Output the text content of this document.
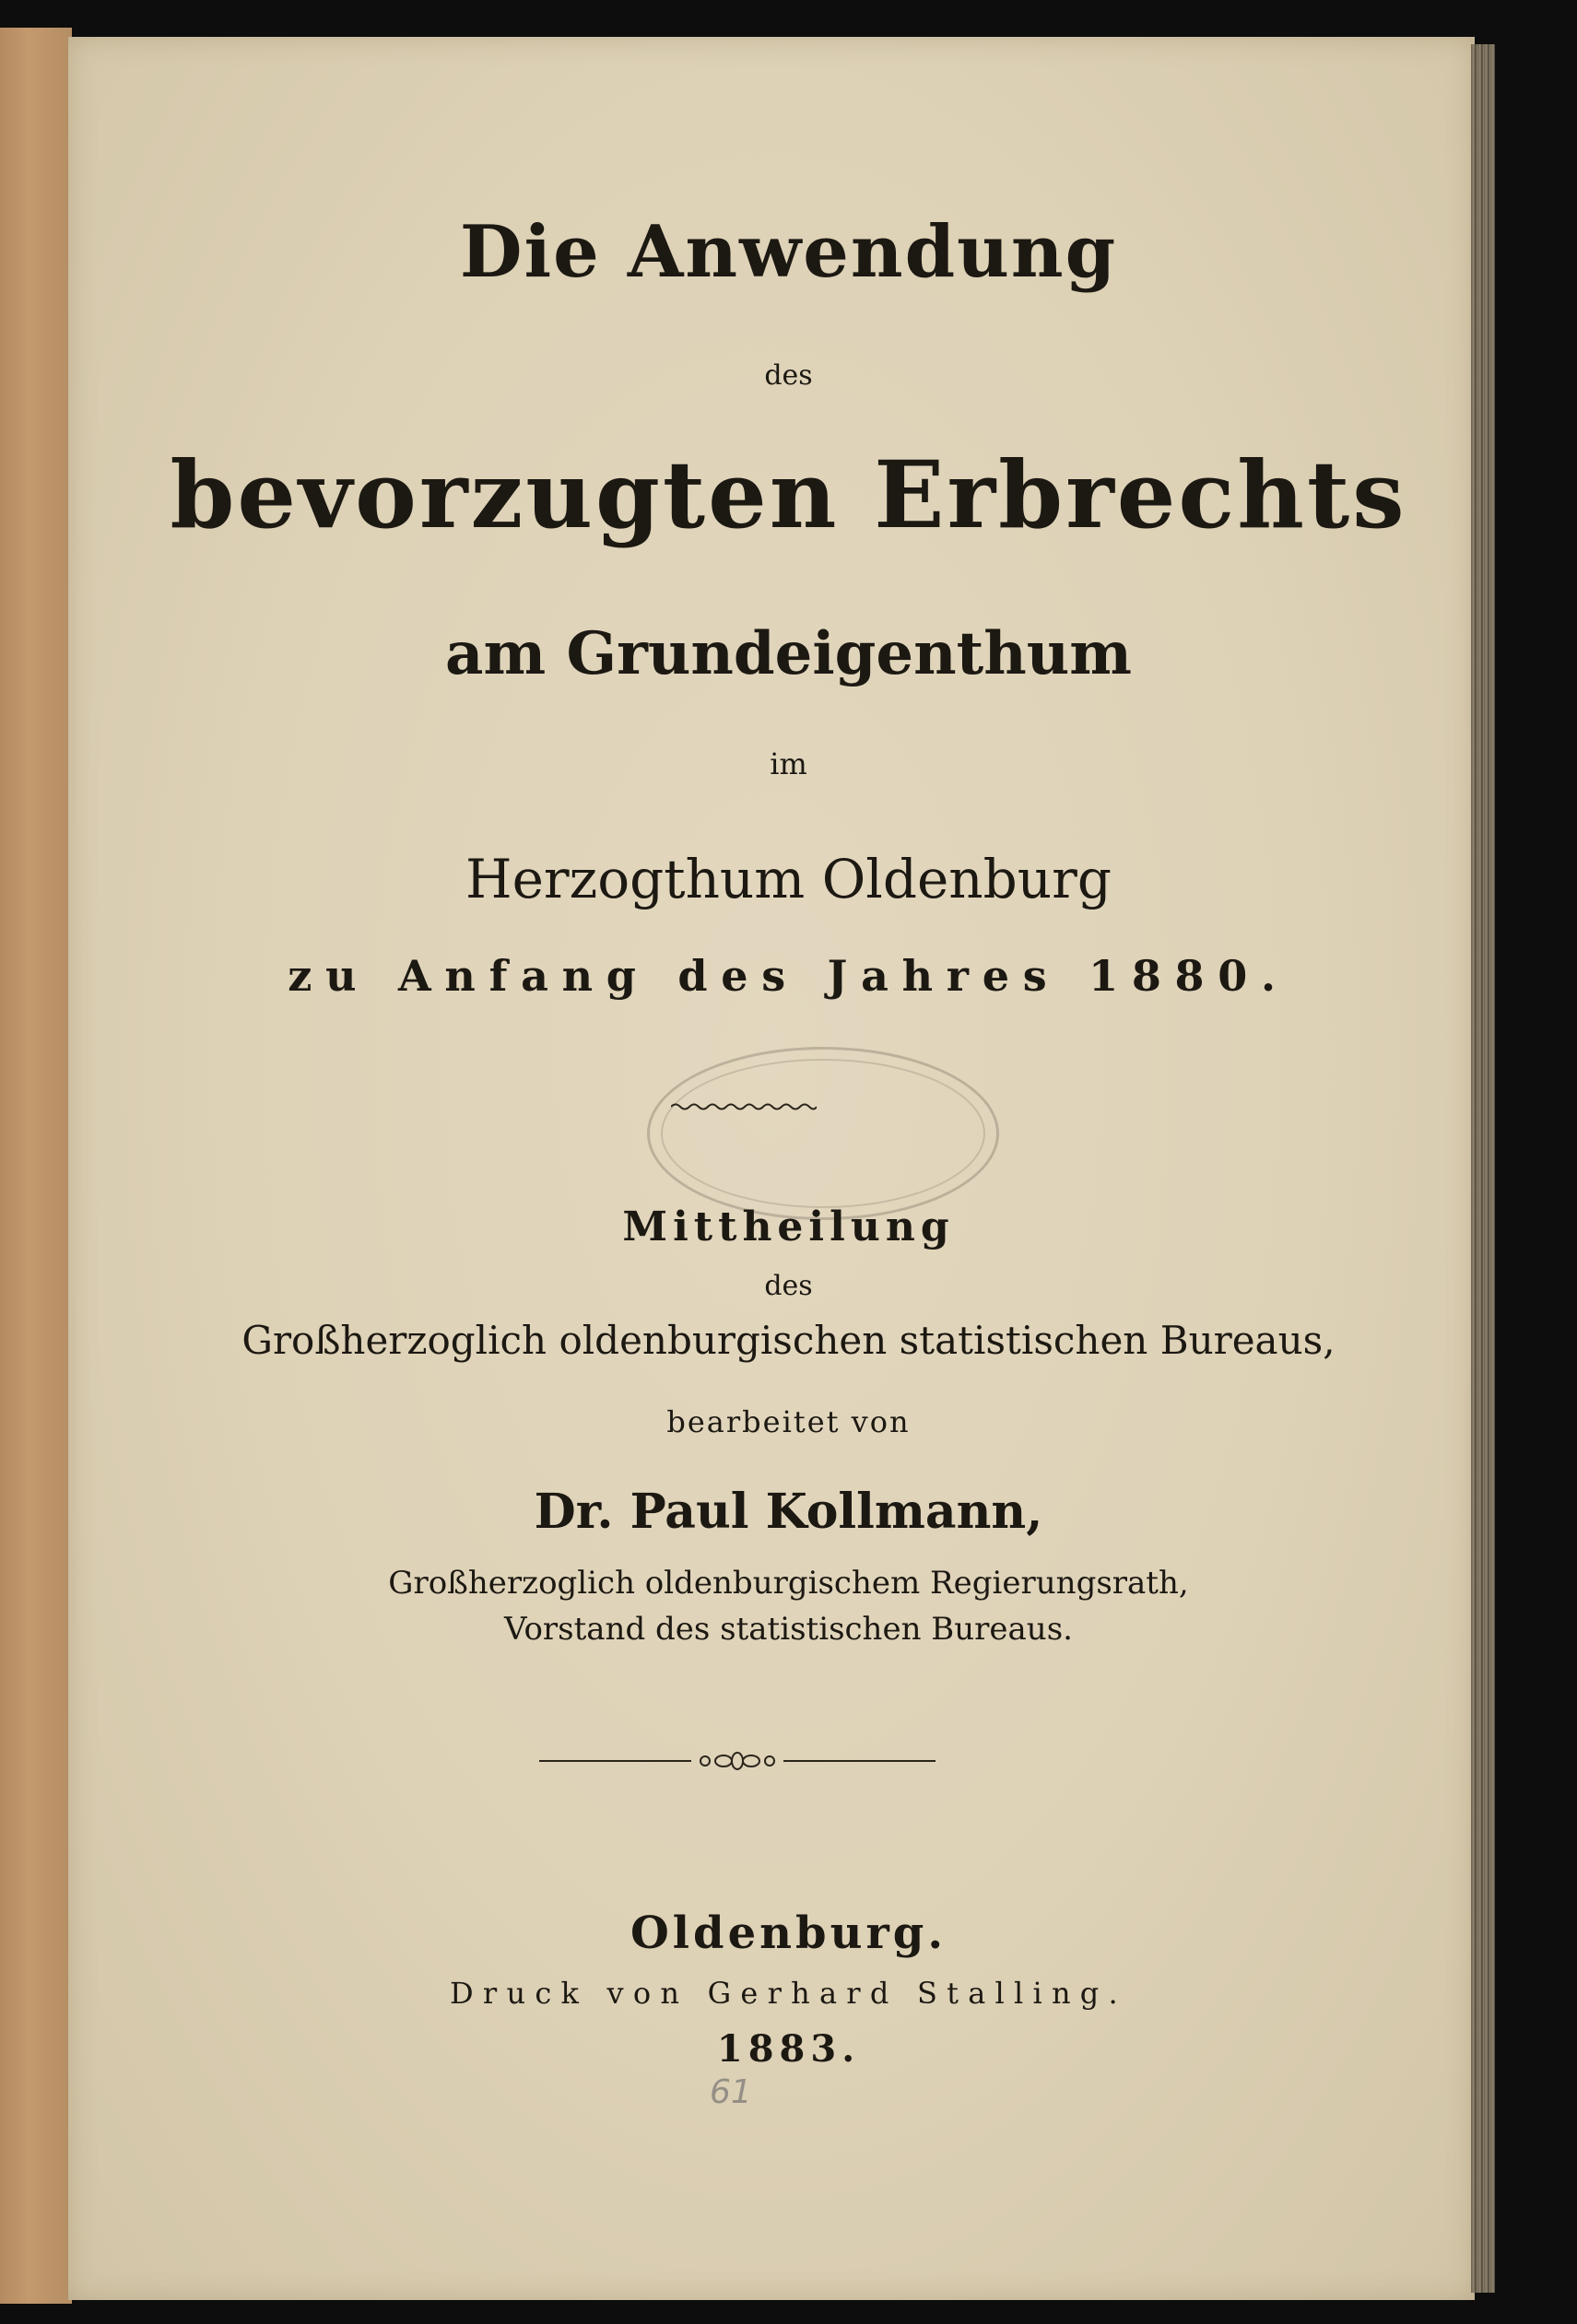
Die Anwendung
des
bevorzugten Erbrechts
am Grundeigenthum
im
Herzogthum Oldenburg
zu Anfang des Jahres 1880.
Mittheilung
des
Großherzoglich oldenburgischen statistischen Bureaus,
bearbeitet von
Dr. Paul Kollmann,
Großherzoglich oldenburgischem Regierungsrath,
Vorstand des statistischen Bureaus.
Oldenburg.
Druck von Gerhard Stalling.
1883.
61
